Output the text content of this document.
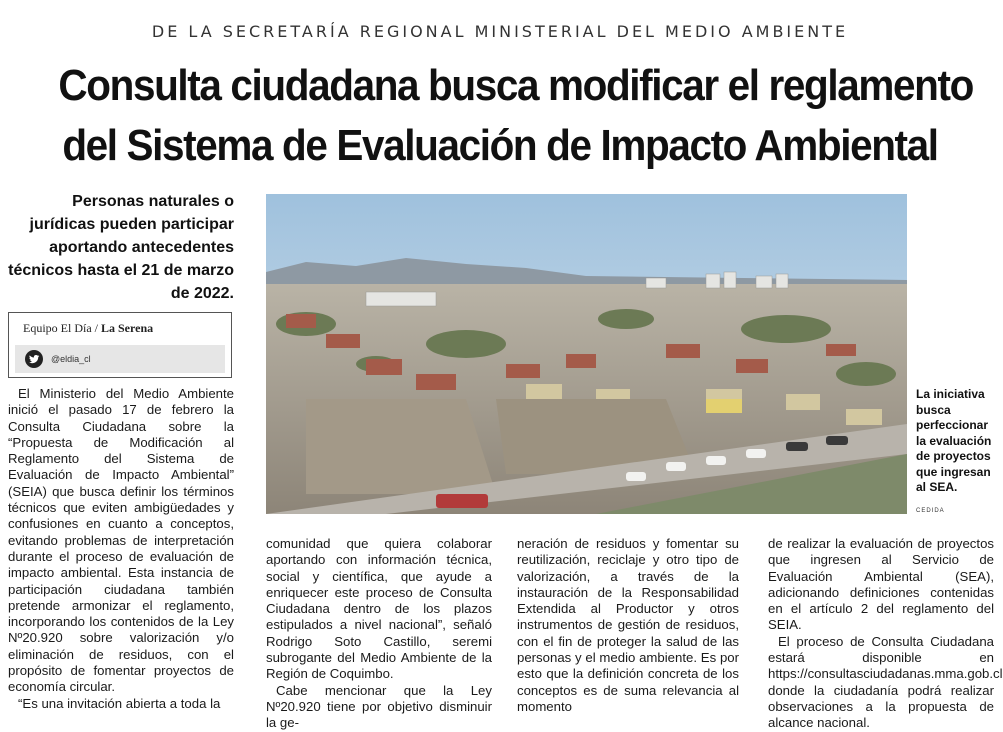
DE LA SECRETARÍA REGIONAL MINISTERIAL DEL MEDIO AMBIENTE
Consulta ciudadana busca modificar el reglamento
del Sistema de Evaluación de Impacto Ambiental
Personas naturales o jurídicas pueden participar aportando antecedentes técnicos hasta el 21 de marzo de 2022.
Equipo El Día / La Serena
@eldia_cl
La iniciativa busca perfeccionar la evaluación de proyectos que ingresan al SEA.
CEDIDA

El Ministerio del Medio Ambiente inició el pasado 17 de febrero la Consulta Ciudadana sobre la “Propuesta de Modificación al Reglamento del Sistema de Evaluación de Impacto Ambiental” (SEIA) que busca definir los términos técnicos que eviten ambigüedades y confusiones en cuanto a conceptos, evitando problemas de interpretación durante el proceso de evaluación de impacto ambiental. Esta instancia de participación ciudadana también pretende armonizar el reglamento, incorporando los contenidos de la Ley Nº20.920 sobre valorización y/o eliminación de residuos, con el propósito de fomentar proyectos de economía circular.

“Es una invitación abierta a toda la

comunidad que quiera colaborar aportando con información técnica, social y científica, que ayude a enriquecer este proceso de Consulta Ciudadana dentro de los plazos estipulados a nivel nacional”, señaló Rodrigo Soto Castillo, seremi subrogante del Medio Ambiente de la Región de Coquimbo.

Cabe mencionar que la Ley Nº20.920 tiene por objetivo disminuir la ge-

neración de residuos y fomentar su reutilización, reciclaje y otro tipo de valorización, a través de la instauración de la Responsabilidad Extendida al Productor y otros instrumentos de gestión de residuos, con el fin de proteger la salud de las personas y el medio ambiente. Es por esto que la definición concreta de los conceptos es de suma relevancia al momento

de realizar la evaluación de proyectos que ingresen al Servicio de Evaluación Ambiental (SEA), adicionando definiciones contenidas en el artículo 2 del reglamento del SEIA.

El proceso de Consulta Ciudadana estará disponible en https://consultasciudadanas.mma.gob.cl donde la ciudadanía podrá realizar observaciones a la propuesta de alcance nacional.
